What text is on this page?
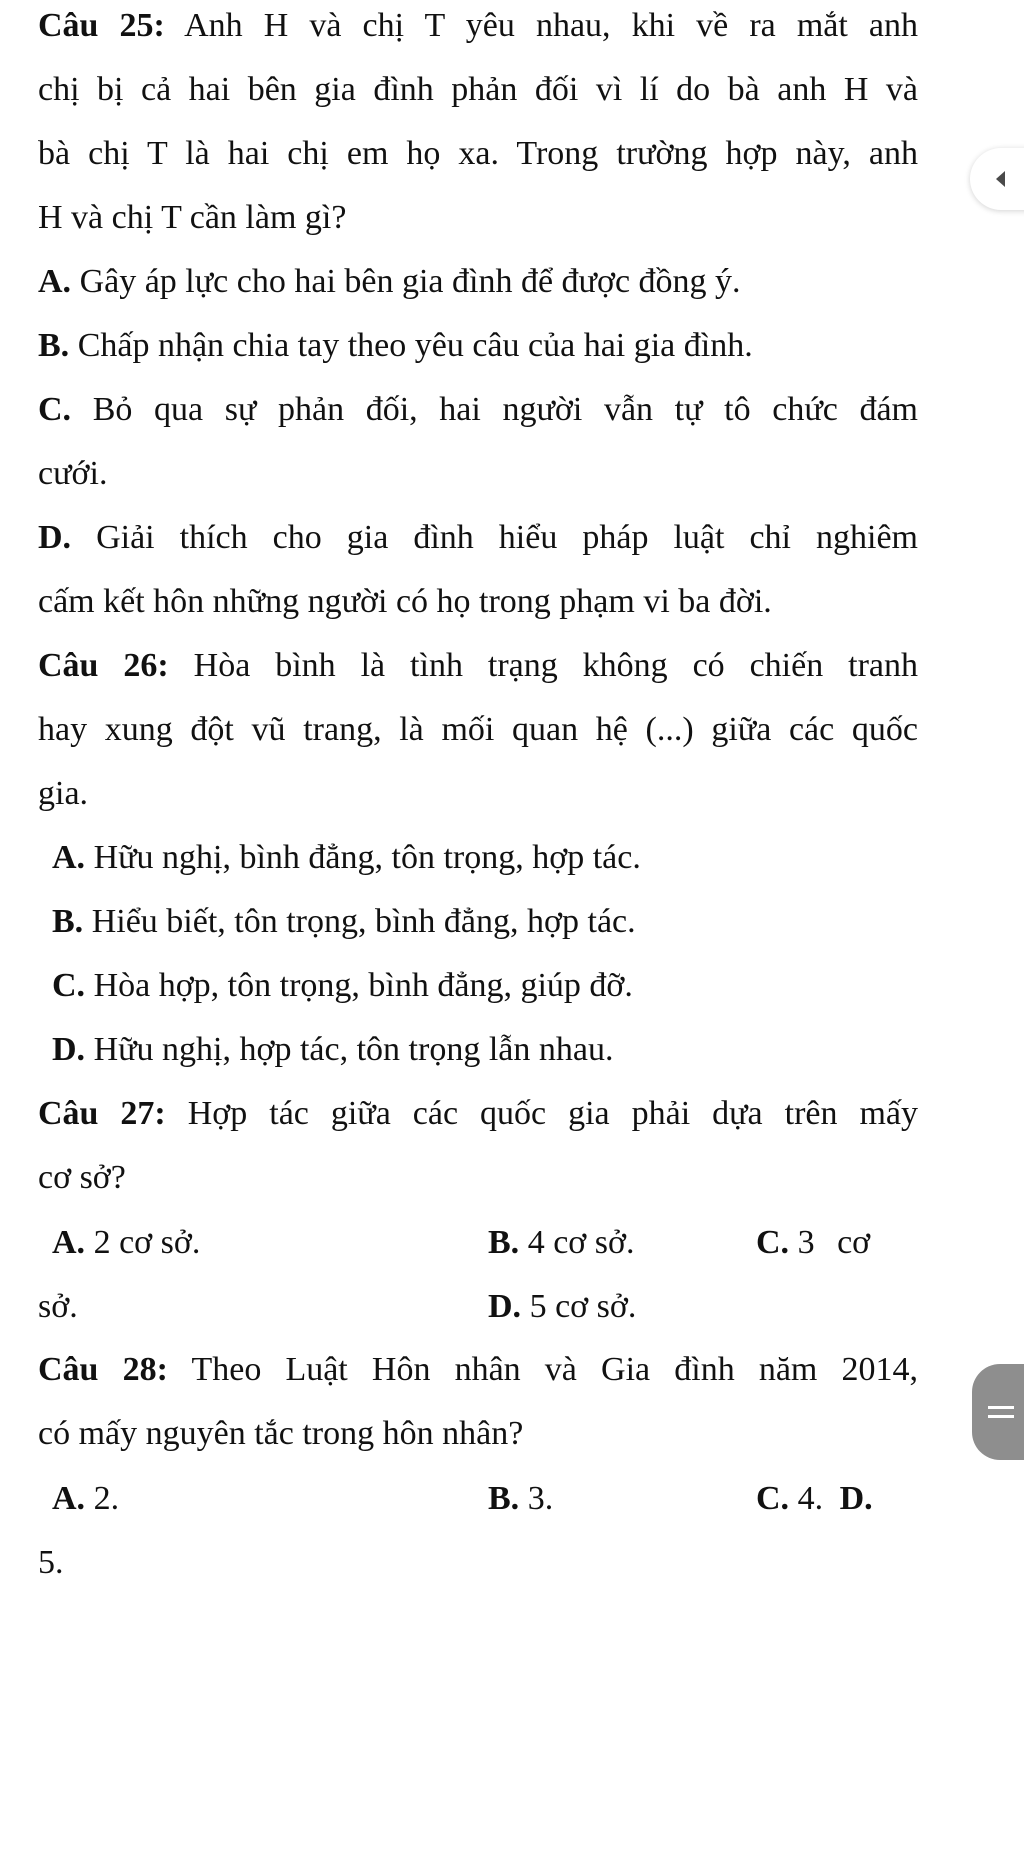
Câu 25: Anh H và chị T yêu nhau, khi về ra mắt anh
chị bị cả hai bên gia đình phản đối vì lí do bà anh H và
bà chị T là hai chị em họ xa. Trong trường hợp này, anh
H và chị T cần làm gì?
A. Gây áp lực cho hai bên gia đình để được đồng ý.
B. Chấp nhận chia tay theo yêu câu của hai gia đình.
C. Bỏ qua sự phản đối, hai người vẫn tự tô chức đám
cưới.
D. Giải thích cho gia đình hiểu pháp luật chỉ nghiêm
cấm kết hôn những người có họ trong phạm vi ba đời.
Câu 26: Hòa bình là tình trạng không có chiến tranh
hay xung đột vũ trang, là mối quan hệ (...) giữa các quốc
gia.
A. Hữu nghị, bình đẳng, tôn trọng, hợp tác.
B. Hiểu biết, tôn trọng, bình đẳng, hợp tác.
C. Hòa hợp, tôn trọng, bình đẳng, giúp đỡ.
D. Hữu nghị, hợp tác, tôn trọng lẫn nhau.
Câu 27: Hợp tác giữa các quốc gia phải dựa trên mấy
cơ sở?
A. 2 cơ sở.	B. 4 cơ sở.	C. 3 cơ
sở.	D. 5 cơ sở.
Câu 28: Theo Luật Hôn nhân và Gia đình năm 2014,
có mấy nguyên tắc trong hôn nhân?
A. 2.	B. 3.	C. 4. D.
5.
